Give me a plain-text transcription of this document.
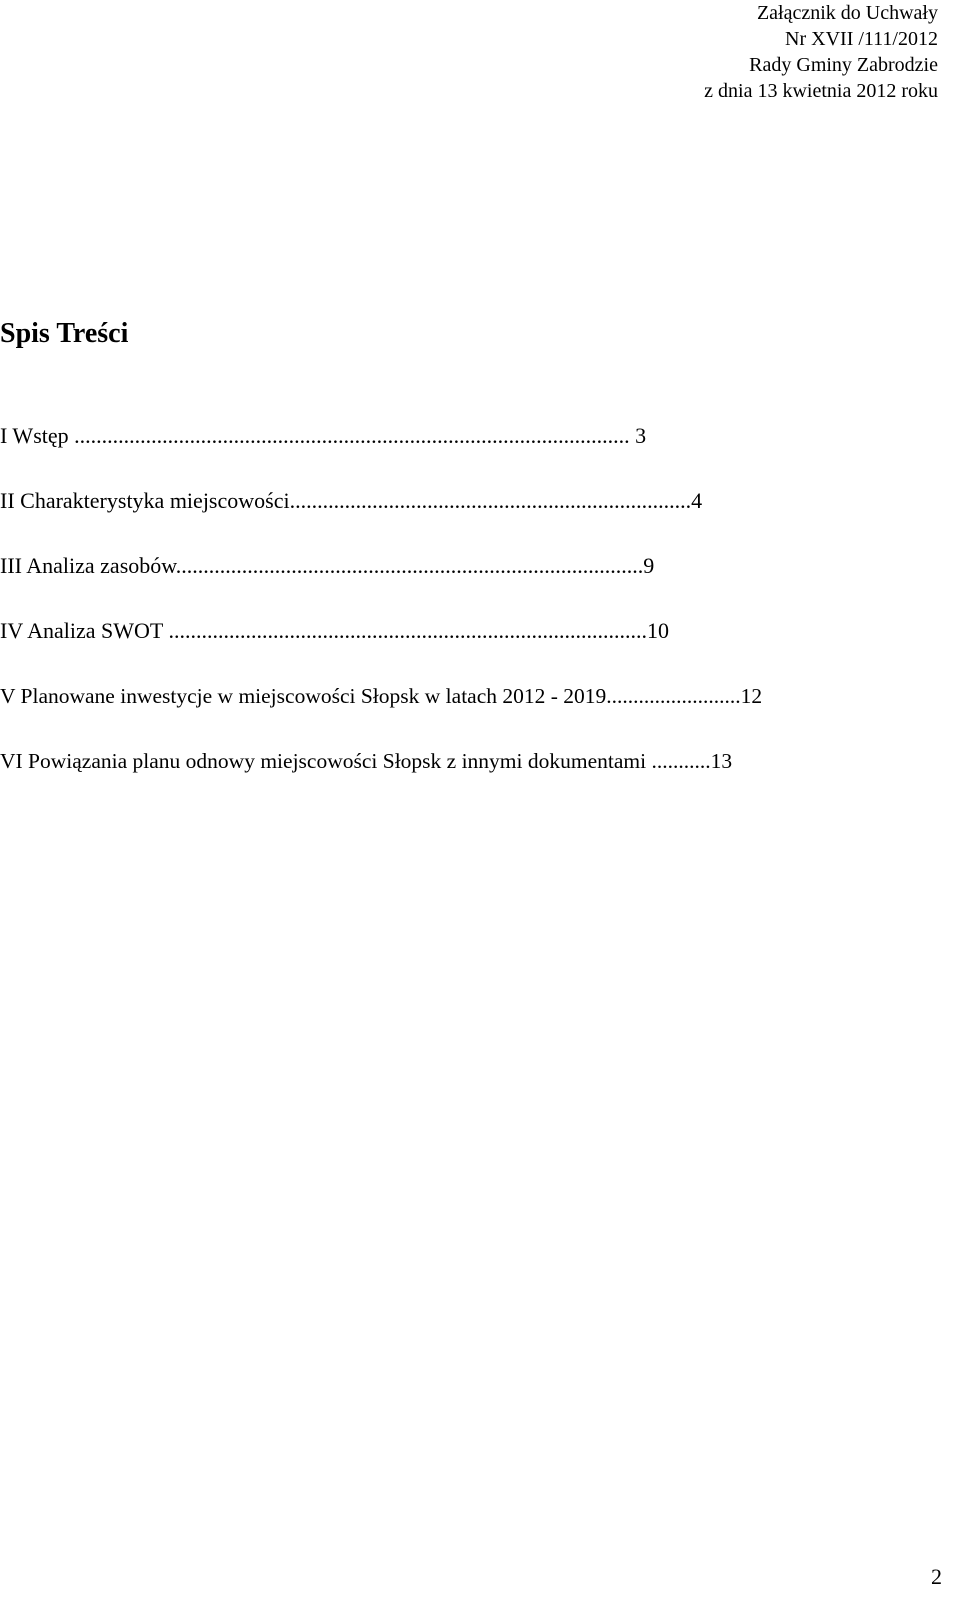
Załącznik do Uchwały
Nr XVII /111/2012
Rady Gminy Zabrodzie
z dnia 13 kwietnia 2012 roku
Spis Treści
I Wstęp ..................................................................................................... 3
II Charakterystyka miejscowości.........................................................................4
III Analiza zasobów.....................................................................................9
IV Analiza SWOT .......................................................................................10
V Planowane inwestycje w miejscowości Słopsk w latach 2012 - 2019.........................12
VI Powiązania planu odnowy miejscowości Słopsk z innymi dokumentami ...........13
2
